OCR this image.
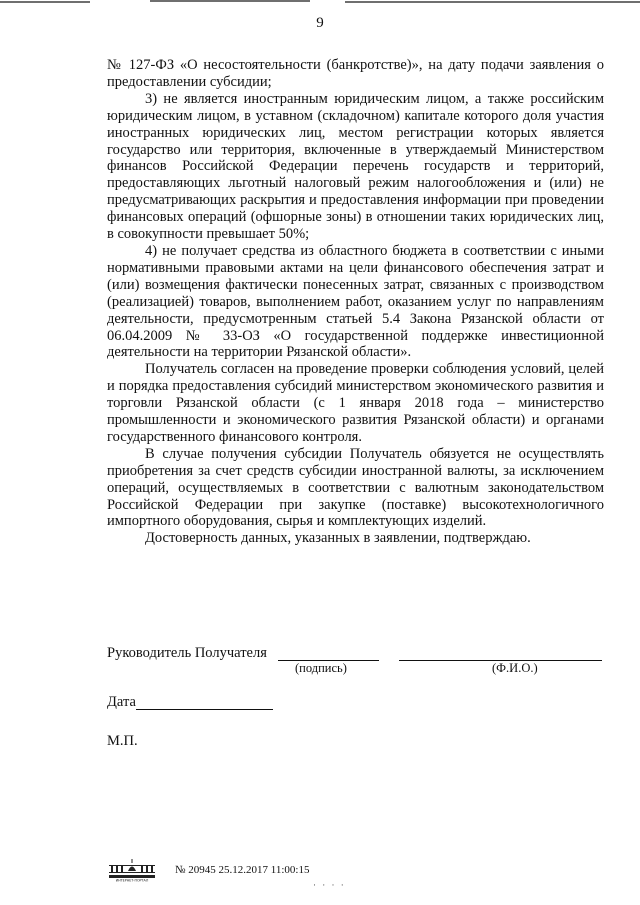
9

№ 127-ФЗ «О несостоятельности (банкротстве)», на дату подачи заявления о предоставлении субсидии;

3) не является иностранным юридическим лицом, а также российским юридическим лицом, в уставном (складочном) капитале которого доля участия иностранных юридических лиц, местом регистрации которых является государство или территория, включенные в утверждаемый Министерством финансов Российской Федерации перечень государств и территорий, предоставляющих льготный налоговый режим налогообложения и (или) не предусматривающих раскрытия и предоставления информации при проведении финансовых операций (офшорные зоны) в отношении таких юридических лиц, в совокупности превышает 50%;

4) не получает средства из областного бюджета в соответствии с иными нормативными правовыми актами на цели финансового обеспечения затрат и (или) возмещения фактически понесенных затрат, связанных с производством (реализацией) товаров, выполнением работ, оказанием услуг по направлениям деятельности, предусмотренным статьей 5.4 Закона Рязанской области от 06.04.2009 № 33-ОЗ «О государственной поддержке инвестиционной деятельности на территории Рязанской области».

Получатель согласен на проведение проверки соблюдения условий, целей и порядка предоставления субсидий министерством экономического развития и торговли Рязанской области (с 1 января 2018 года – министерство промышленности и экономического развития Рязанской области) и органами государственного финансового контроля.

В случае получения субсидии Получатель обязуется не осуществлять приобретения за счет средств субсидии иностранной валюты, за исключением операций, осуществляемых в соответствии с валютным законодательством Российской Федерации при закупке (поставке) высокотехнологичного импортного оборудования, сырья и комплектующих изделий.

Достоверность данных, указанных в заявлении, подтверждаю.

Руководитель Получателя
(подпись)	(Ф.И.О.)
Дата
М.П.
ИНТЕРНЕТ-ПОРТАЛ
№ 20945 25.12.2017 11:00:15
· · · ·
